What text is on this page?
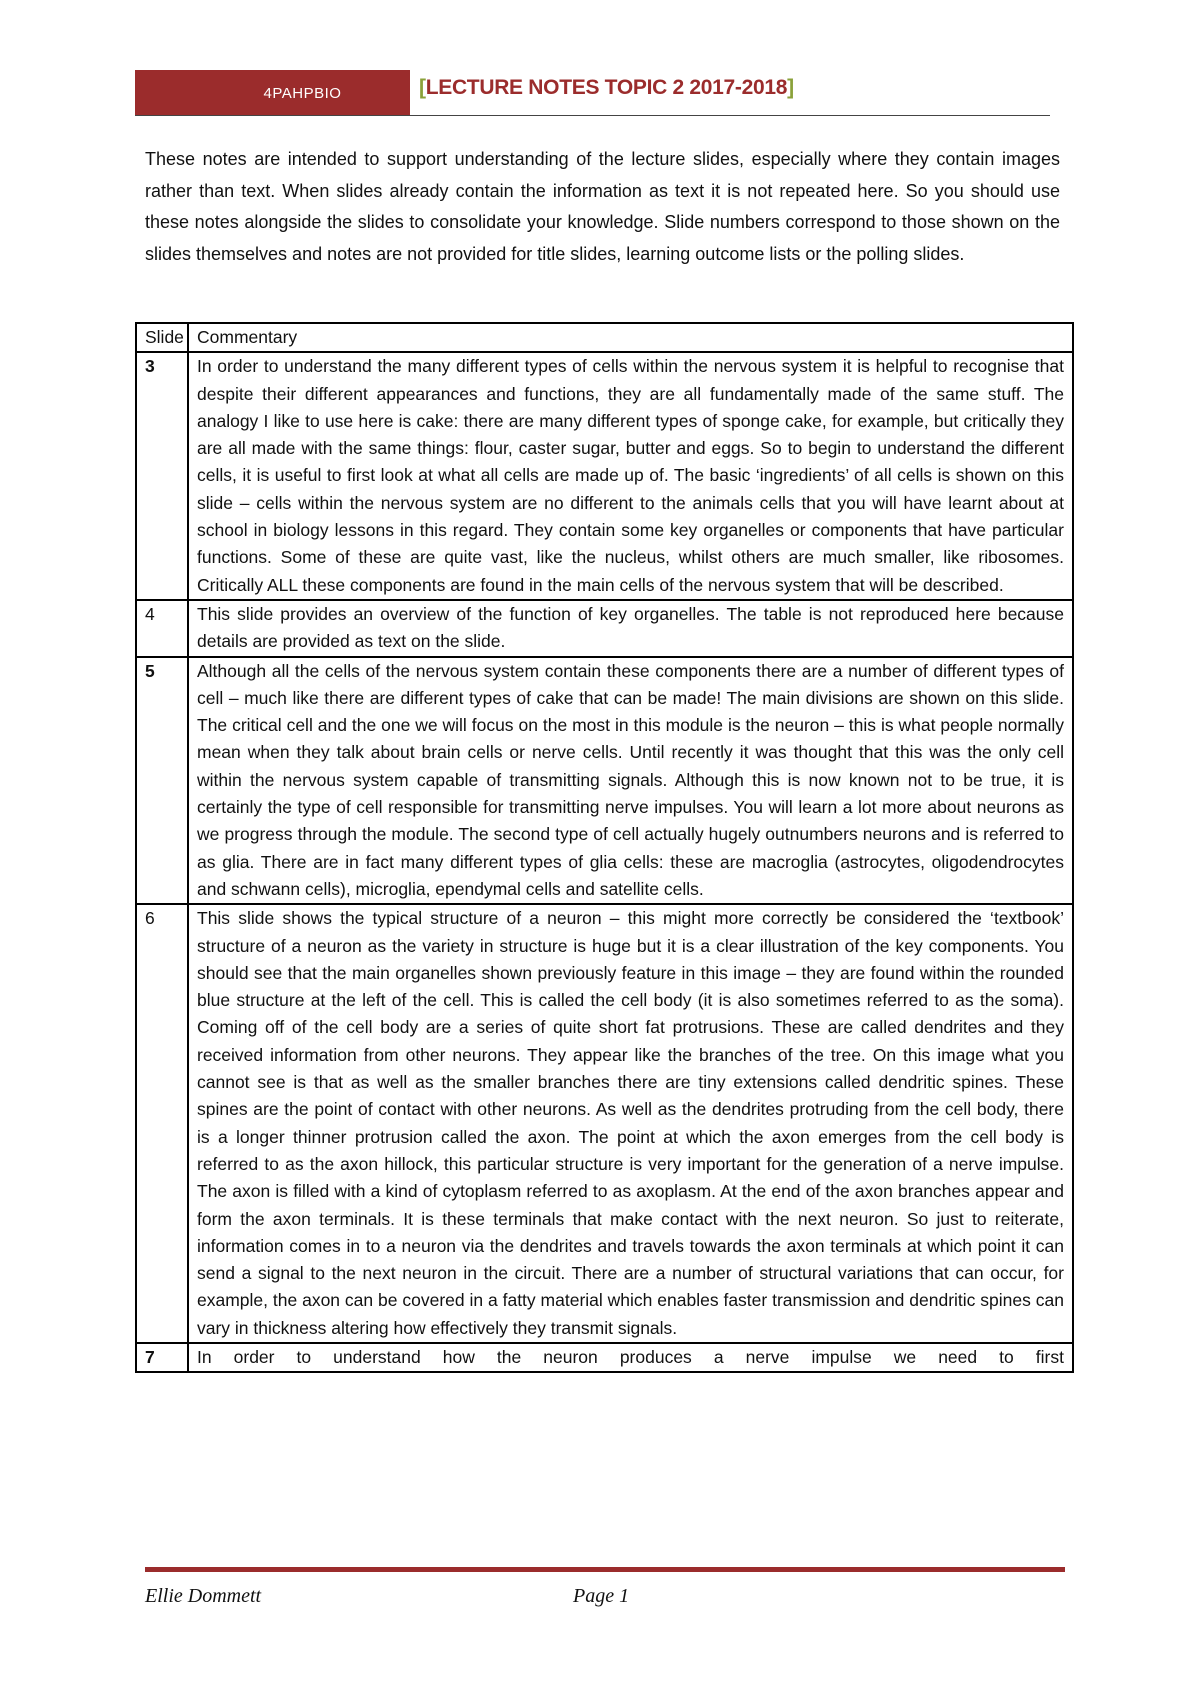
4PAHPBIO	[LECTURE NOTES TOPIC 2 2017-2018]

These notes are intended to support understanding of the lecture slides, especially where they contain images rather than text. When slides already contain the information as text it is not repeated here. So you should use these notes alongside the slides to consolidate your knowledge. Slide numbers correspond to those shown on the slides themselves and notes are not provided for title slides, learning outcome lists or the polling slides.

Slide	Commentary
3	In order to understand the many different types of cells within the nervous system it is helpful to recognise that despite their different appearances and functions, they are all fundamentally made of the same stuff. The analogy I like to use here is cake: there are many different types of sponge cake, for example, but critically they are all made with the same things: flour, caster sugar, butter and eggs. So to begin to understand the different cells, it is useful to first look at what all cells are made up of. The basic ‘ingredients’ of all cells is shown on this slide – cells within the nervous system are no different to the animals cells that you will have learnt about at school in biology lessons in this regard. They contain some key organelles or components that have particular functions. Some of these are quite vast, like the nucleus, whilst others are much smaller, like ribosomes. Critically ALL these components are found in the main cells of the nervous system that will be described.
4	This slide provides an overview of the function of key organelles. The table is not reproduced here because details are provided as text on the slide.
5	Although all the cells of the nervous system contain these components there are a number of different types of cell – much like there are different types of cake that can be made! The main divisions are shown on this slide. The critical cell and the one we will focus on the most in this module is the neuron – this is what people normally mean when they talk about brain cells or nerve cells. Until recently it was thought that this was the only cell within the nervous system capable of transmitting signals. Although this is now known not to be true, it is certainly the type of cell responsible for transmitting nerve impulses. You will learn a lot more about neurons as we progress through the module. The second type of cell actually hugely outnumbers neurons and is referred to as glia. There are in fact many different types of glia cells: these are macroglia (astrocytes, oligodendrocytes and schwann cells), microglia, ependymal cells and satellite cells.
6	This slide shows the typical structure of a neuron – this might more correctly be considered the ‘textbook’ structure of a neuron as the variety in structure is huge but it is a clear illustration of the key components. You should see that the main organelles shown previously feature in this image – they are found within the rounded blue structure at the left of the cell. This is called the cell body (it is also sometimes referred to as the soma). Coming off of the cell body are a series of quite short fat protrusions. These are called dendrites and they received information from other neurons. They appear like the branches of the tree. On this image what you cannot see is that as well as the smaller branches there are tiny extensions called dendritic spines. These spines are the point of contact with other neurons. As well as the dendrites protruding from the cell body, there is a longer thinner protrusion called the axon. The point at which the axon emerges from the cell body is referred to as the axon hillock, this particular structure is very important for the generation of a nerve impulse. The axon is filled with a kind of cytoplasm referred to as axoplasm. At the end of the axon branches appear and form the axon terminals. It is these terminals that make contact with the next neuron. So just to reiterate, information comes in to a neuron via the dendrites and travels towards the axon terminals at which point it can send a signal to the next neuron in the circuit. There are a number of structural variations that can occur, for example, the axon can be covered in a fatty material which enables faster transmission and dendritic spines can vary in thickness altering how effectively they transmit signals.
7	In order to understand how the neuron produces a nerve impulse we need to first
Ellie Dommett	Page 1
